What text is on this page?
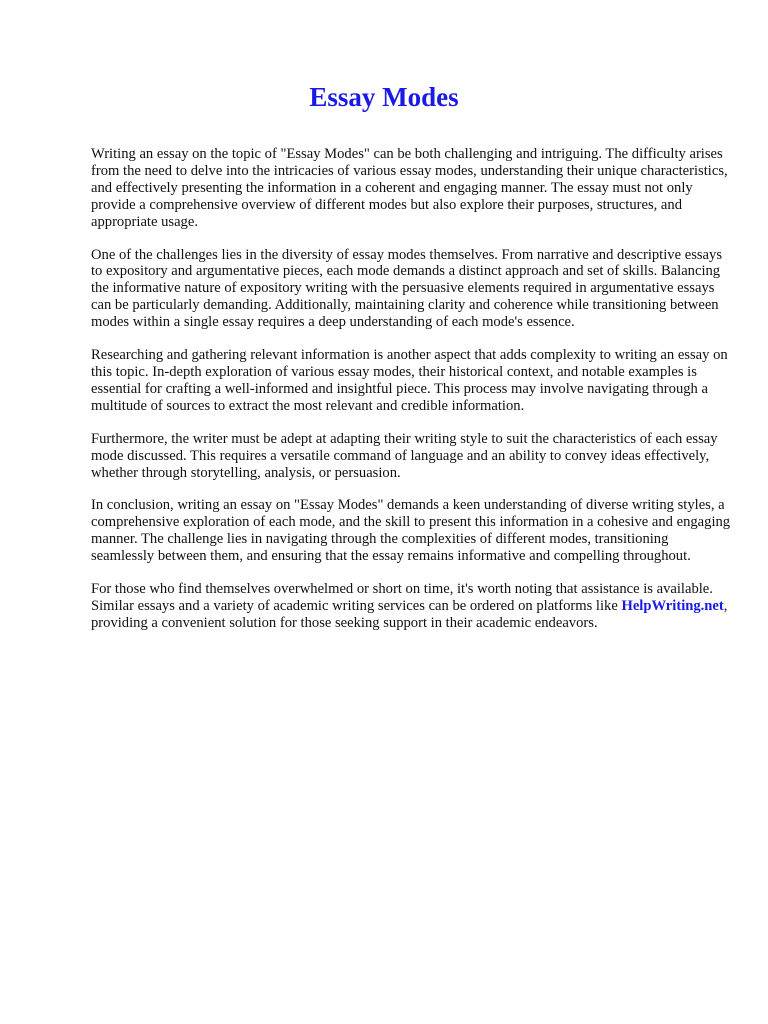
Essay Modes

Writing an essay on the topic of "Essay Modes" can be both challenging and intriguing. The difficulty arises from the need to delve into the intricacies of various essay modes, understanding their unique characteristics, and effectively presenting the information in a coherent and engaging manner. The essay must not only provide a comprehensive overview of different modes but also explore their purposes, structures, and appropriate usage.

One of the challenges lies in the diversity of essay modes themselves. From narrative and descriptive essays to expository and argumentative pieces, each mode demands a distinct approach and set of skills. Balancing the informative nature of expository writing with the persuasive elements required in argumentative essays can be particularly demanding. Additionally, maintaining clarity and coherence while transitioning between modes within a single essay requires a deep understanding of each mode's essence.

Researching and gathering relevant information is another aspect that adds complexity to writing an essay on this topic. In-depth exploration of various essay modes, their historical context, and notable examples is essential for crafting a well-informed and insightful piece. This process may involve navigating through a multitude of sources to extract the most relevant and credible information.

Furthermore, the writer must be adept at adapting their writing style to suit the characteristics of each essay mode discussed. This requires a versatile command of language and an ability to convey ideas effectively, whether through storytelling, analysis, or persuasion.

In conclusion, writing an essay on "Essay Modes" demands a keen understanding of diverse writing styles, a comprehensive exploration of each mode, and the skill to present this information in a cohesive and engaging manner. The challenge lies in navigating through the complexities of different modes, transitioning seamlessly between them, and ensuring that the essay remains informative and compelling throughout.

For those who find themselves overwhelmed or short on time, it's worth noting that assistance is available. Similar essays and a variety of academic writing services can be ordered on platforms like HelpWriting.net, providing a convenient solution for those seeking support in their academic endeavors.
